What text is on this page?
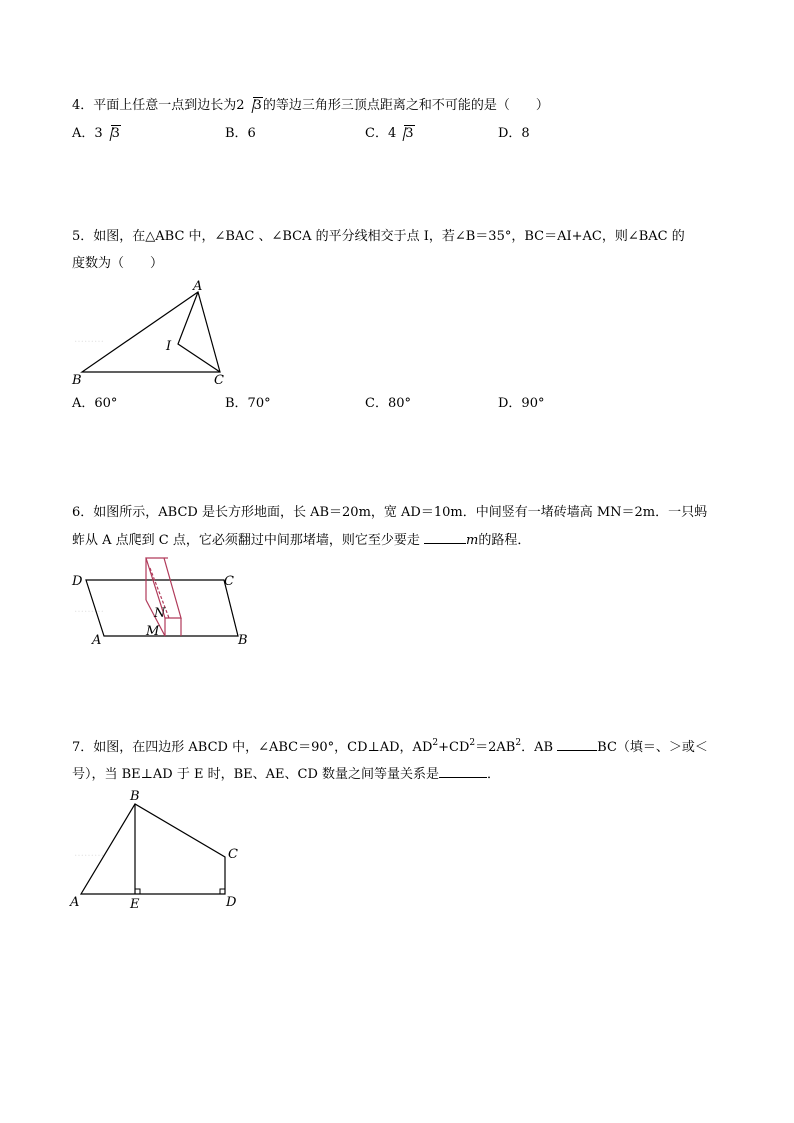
4．平面上任意一点到边长为2 3的等边三角形三顶点距离之和不可能的是（　　）
A．3 3	B．6	C．4 3	D．8
5．如图，在△ABC 中，∠BAC 、∠BCA 的平分线相交于点 I，若∠B＝35°，BC＝AI+AC，则∠BAC 的
度数为（　　）
………
A
B	C
I
A．60°	B．70°	C．80°	D．90°
6．如图所示，ABCD 是长方形地面，长 AB＝20m，宽 AD＝10m．中间竖有一堵砖墙高 MN＝2m．一只蚂
蚱从 A 点爬到 C 点，它必须翻过中间那堵墙，则它至少要走	m的路程．
………
D	C
A	B
N
M
7．如图，在四边形 ABCD 中，∠ABC＝90°，CD⊥AD，$AD^2+CD^2=2AB^2$．AB	BC（填＝、＞或＜
号），当 BE⊥AD 于 E 时，BE、AE、CD 数量之间等量关系是	．
………
A
B
C
D
E
